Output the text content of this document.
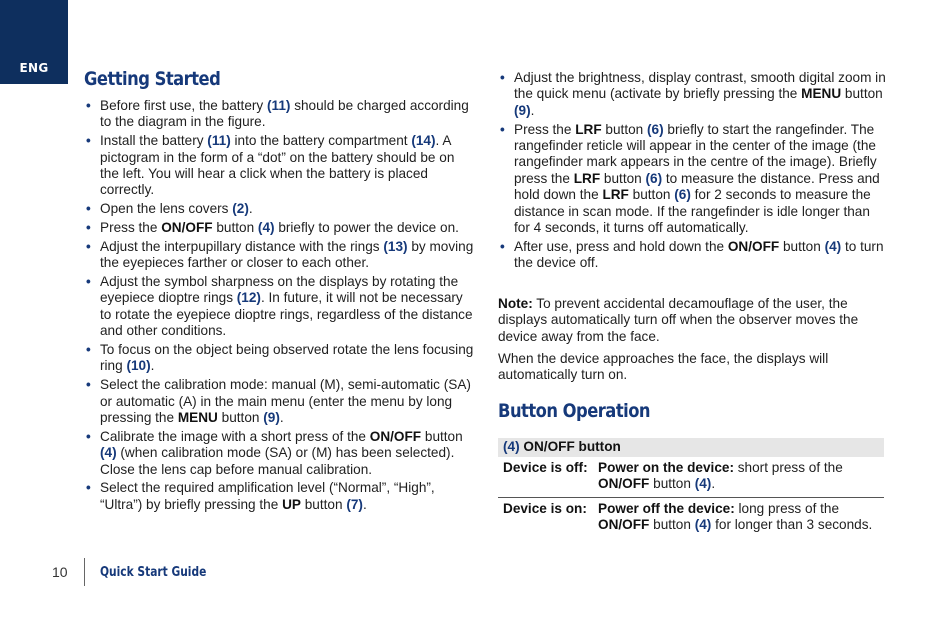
ENG Getting Started
• Before first use, the battery (11) should be charged according to the diagram in the figure.
• Install the battery (11) into the battery compartment (14). A pictogram in the form of a “dot” on the battery should be on the left. You will hear a click when the battery is placed correctly.
• Open the lens covers (2).
• Press the ON/OFF button (4) briefly to power the device on.
• Adjust the interpupillary distance with the rings (13) by moving the eyepieces farther or closer to each other.
• Adjust the symbol sharpness on the displays by rotating the eyepiece dioptre rings (12). In future, it will not be necessary to rotate the eyepiece dioptre rings, regardless of the distance and other conditions.
• To focus on the object being observed rotate the lens focusing ring (10).
• Select the calibration mode: manual (M), semi-automatic (SA) or automatic (A) in the main menu (enter the menu by long pressing the MENU button (9).
• Calibrate the image with a short press of the ON/OFF button (4) (when calibration mode (SA) or (M) has been selected). Close the lens cap before manual calibration.
• Select the required amplification level (“Normal”, “High”, “Ultra”) by briefly pressing the UP button (7).
• Adjust the brightness, display contrast, smooth digital zoom in the quick menu (activate by briefly pressing the MENU button (9).
• Press the LRF button (6) briefly to start the rangefinder. The rangefinder reticle will appear in the center of the image (the rangefinder mark appears in the centre of the image). Briefly press the LRF button (6) to measure the distance. Press and hold down the LRF button (6) for 2 seconds to measure the distance in scan mode. If the rangefinder is idle longer than for 4 seconds, it turns off automatically.
• After use, press and hold down the ON/OFF button (4) to turn the device off.

Note: To prevent accidental decamouflage of the user, the displays automatically turn off when the observer moves the device away from the face.

When the device approaches the face, the displays will automatically turn on.

Button Operation
(4) ON/OFF button
Device is off: Power on the device: short press of the ON/OFF button (4).
Device is on: Power off the device: long press of the ON/OFF button (4) for longer than 3 seconds.
10 Quick Start Guide
